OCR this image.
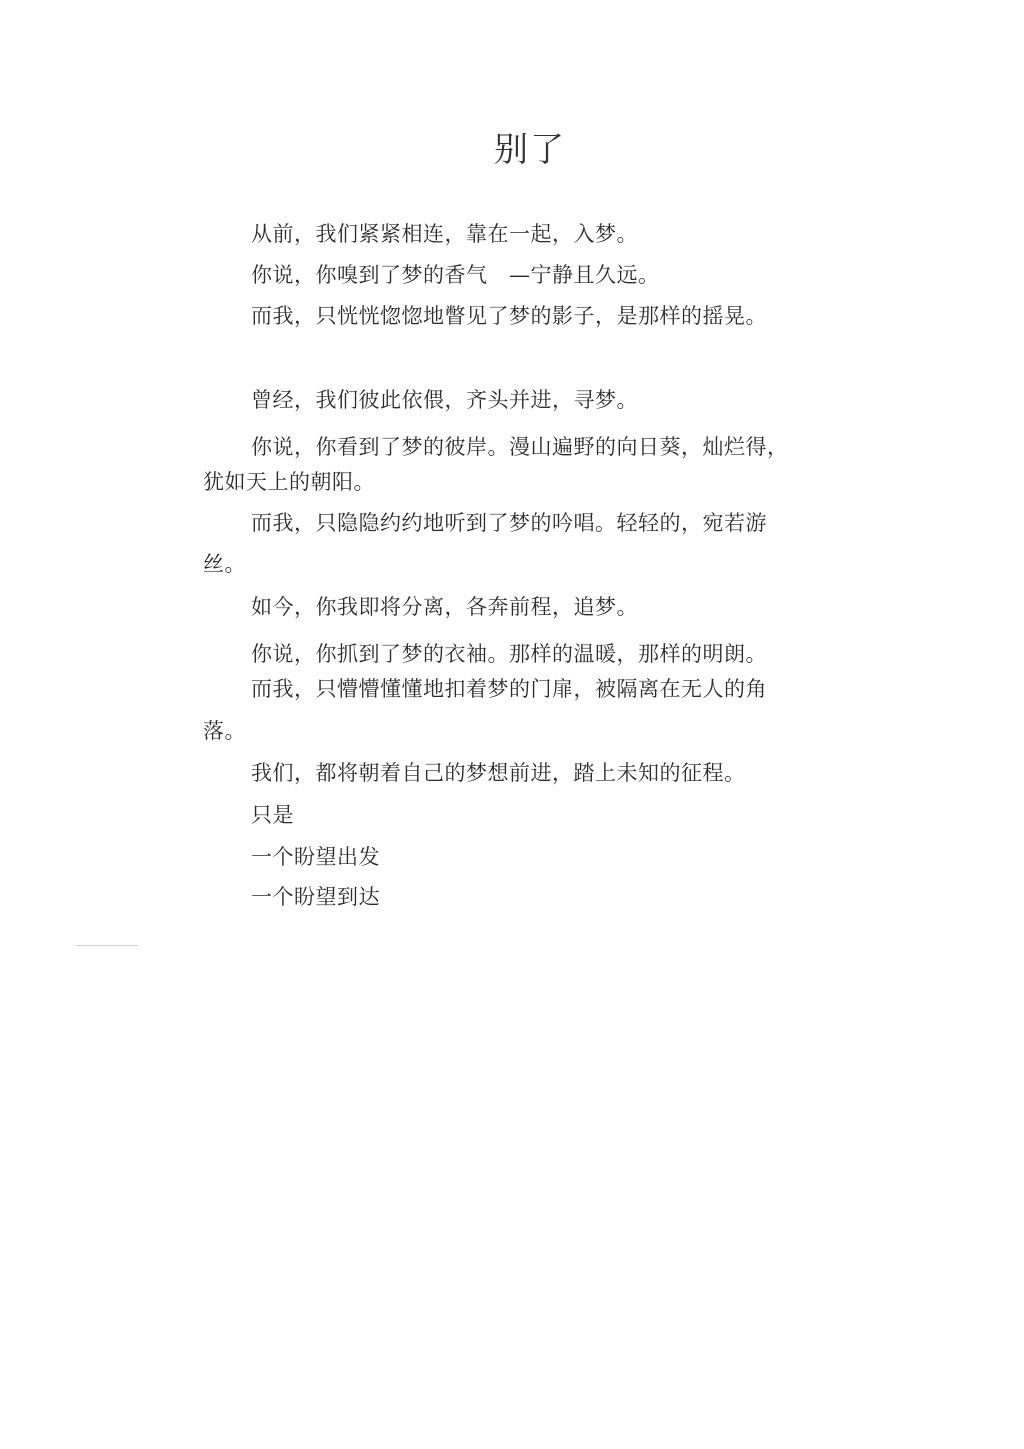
别了
从前，我们紧紧相连，靠在一起，入梦。
你说，你嗅到了梦的香气　—宁静且久远。
而我，只恍恍惚惚地瞥见了梦的影子，是那样的摇晃。
曾经，我们彼此依偎，齐头并进，寻梦。
你说，你看到了梦的彼岸。漫山遍野的向日葵，灿烂得，
犹如天上的朝阳。
而我，只隐隐约约地听到了梦的吟唱。轻轻的，宛若游
丝。
如今，你我即将分离，各奔前程，追梦。
你说，你抓到了梦的衣袖。那样的温暖，那样的明朗。
而我，只懵懵懂懂地扣着梦的门扉，被隔离在无人的角
落。
我们，都将朝着自己的梦想前进，踏上未知的征程。
只是
一个盼望出发
一个盼望到达
